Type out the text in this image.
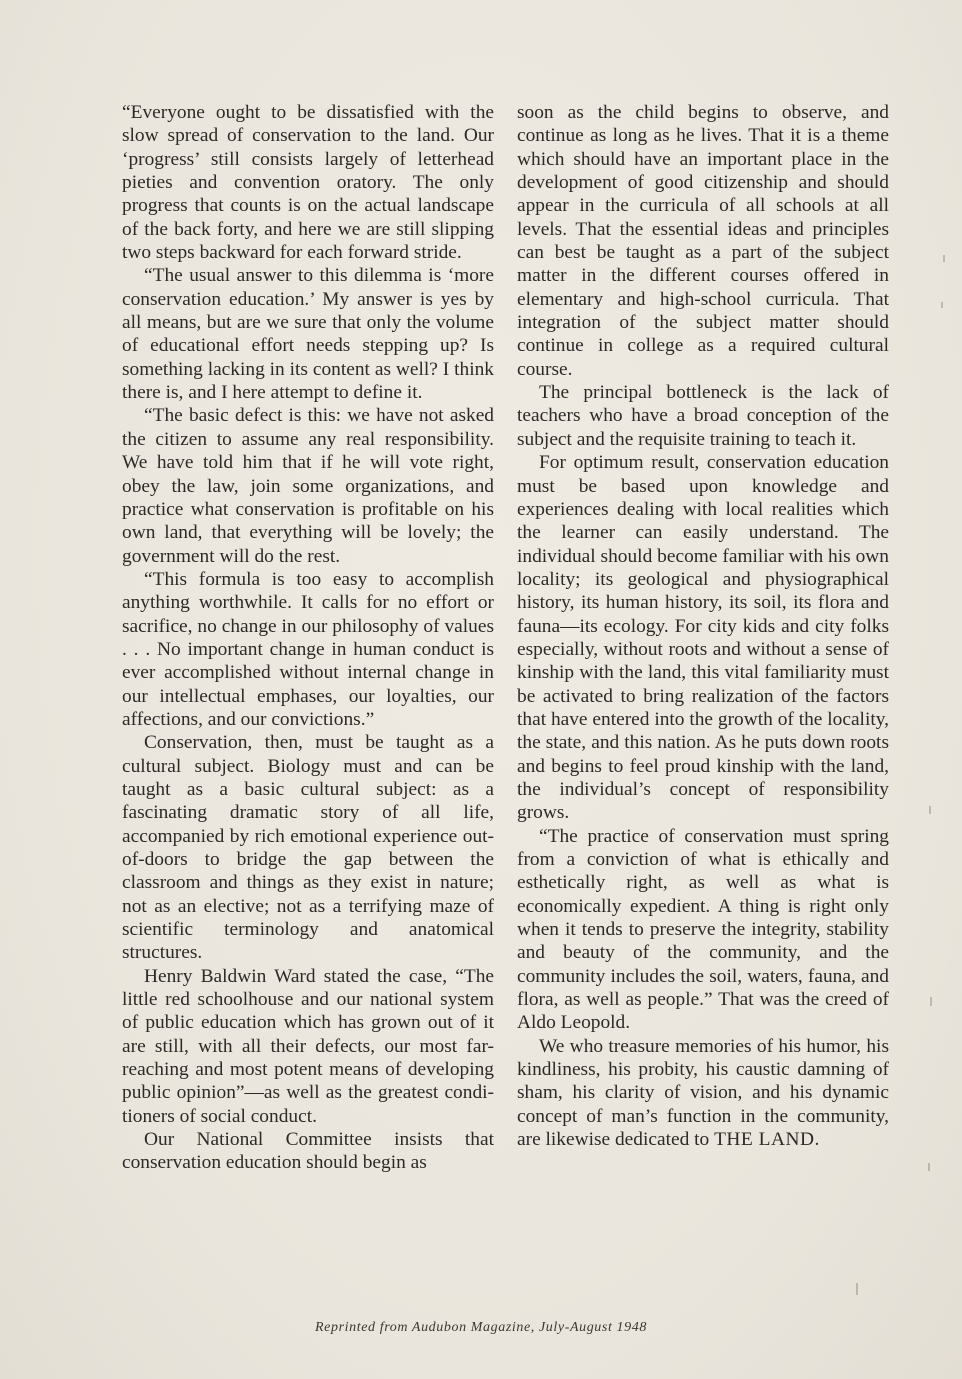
“Everyone ought to be dissatisfied with the slow spread of conservation to the land. Our ‘progress’ still consists largely of letterhead pieties and convention oratory. The only progress that counts is on the actual landscape of the back forty, and here we are still slipping two steps backward for each forward stride.

“The usual answer to this dilemma is ‘more conservation education.’ My answer is yes by all means, but are we sure that only the volume of educational effort needs stepping up? Is something lacking in its content as well? I think there is, and I here attempt to define it.

“The basic defect is this: we have not asked the citizen to assume any real responsibility. We have told him that if he will vote right, obey the law, join some organizations, and practice what conservation is profitable on his own land, that everything will be lovely; the government will do the rest.

“This formula is too easy to accomplish anything worthwhile. It calls for no effort or sacrifice, no change in our philosophy of values . . . No important change in human conduct is ever accomplished without internal change in our intellectual emphases, our loyalties, our affections, and our convictions.”

Conservation, then, must be taught as a cultural subject. Biology must and can be taught as a basic cultural subject: as a fascinating dramatic story of all life, accompanied by rich emotional experience out-of-doors to bridge the gap between the classroom and things as they exist in nature; not as an elective; not as a terrifying maze of scientific terminology and anatomical structures.

Henry Baldwin Ward stated the case, “The little red schoolhouse and our national system of public education which has grown out of it are still, with all their defects, our most far-reaching and most potent means of developing public opinion”—as well as the greatest conditioners of social conduct.

Our National Committee insists that conservation education should begin as

soon as the child begins to observe, and continue as long as he lives. That it is a theme which should have an important place in the development of good citizenship and should appear in the curricula of all schools at all levels. That the essential ideas and principles can best be taught as a part of the subject matter in the different courses offered in elementary and high-school curricula. That integration of the subject matter should continue in college as a required cultural course.

The principal bottleneck is the lack of teachers who have a broad conception of the subject and the requisite training to teach it.

For optimum result, conservation education must be based upon knowledge and experiences dealing with local realities which the learner can easily understand. The individual should become familiar with his own locality; its geological and physiographical history, its human history, its soil, its flora and fauna—its ecology. For city kids and city folks especially, without roots and without a sense of kinship with the land, this vital familiarity must be activated to bring realization of the factors that have entered into the growth of the locality, the state, and this nation. As he puts down roots and begins to feel proud kinship with the land, the individual’s concept of responsibility grows.

“The practice of conservation must spring from a conviction of what is ethically and esthetically right, as well as what is economically expedient. A thing is right only when it tends to preserve the integrity, stability and beauty of the community, and the community includes the soil, waters, fauna, and flora, as well as people.” That was the creed of Aldo Leopold.

We who treasure memories of his humor, his kindliness, his probity, his caustic damning of sham, his clarity of vision, and his dynamic concept of man’s function in the community, are likewise dedicated to THE LAND.

Reprinted from Audubon Magazine, July-August 1948
